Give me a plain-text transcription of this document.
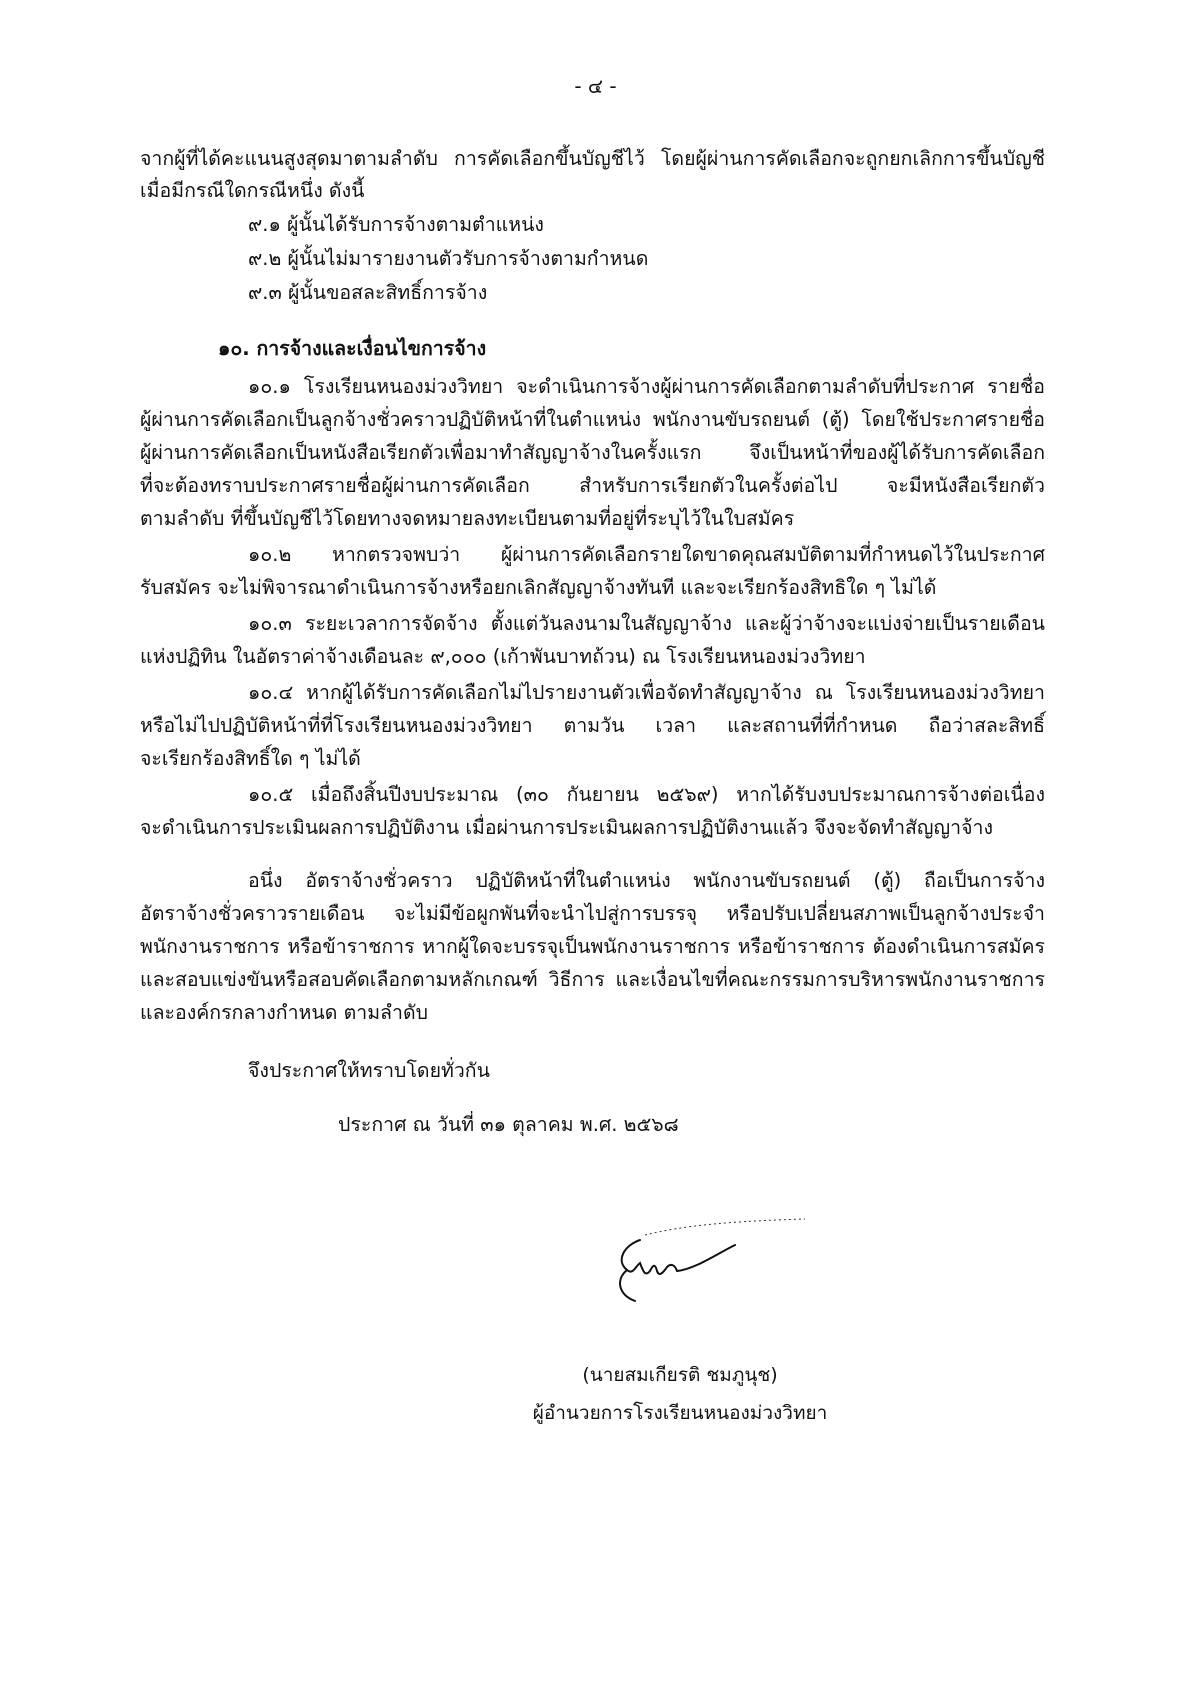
- ๔ -
จากผู้ที่ได้คะแนนสูงสุดมาตามลำดับ การคัดเลือกขึ้นบัญชีไว้ โดยผู้ผ่านการคัดเลือกจะถูกยกเลิกการขึ้นบัญชี
เมื่อมีกรณีใดกรณีหนึ่ง ดังนี้
๙.๑ ผู้นั้นได้รับการจ้างตามตำแหน่ง
๙.๒ ผู้นั้นไม่มารายงานตัวรับการจ้างตามกำหนด
๙.๓ ผู้นั้นขอสละสิทธิ์การจ้าง
๑๐. การจ้างและเงื่อนไขการจ้าง
๑๐.๑ โรงเรียนหนองม่วงวิทยา จะดำเนินการจ้างผู้ผ่านการคัดเลือกตามลำดับที่ประกาศ รายชื่อ
ผู้ผ่านการคัดเลือกเป็นลูกจ้างชั่วคราวปฏิบัติหน้าที่ในตำแหน่ง พนักงานขับรถยนต์ (ตู้) โดยใช้ประกาศรายชื่อ
ผู้ผ่านการคัดเลือกเป็นหนังสือเรียกตัวเพื่อมาทำสัญญาจ้างในครั้งแรก จึงเป็นหน้าที่ของผู้ได้รับการคัดเลือก
ที่จะต้องทราบประกาศรายชื่อผู้ผ่านการคัดเลือก สำหรับการเรียกตัวในครั้งต่อไป จะมีหนังสือเรียกตัว
ตามลำดับ ที่ขึ้นบัญชีไว้โดยทางจดหมายลงทะเบียนตามที่อยู่ที่ระบุไว้ในใบสมัคร
๑๐.๒ หากตรวจพบว่า ผู้ผ่านการคัดเลือกรายใดขาดคุณสมบัติตามที่กำหนดไว้ในประกาศ
รับสมัคร จะไม่พิจารณาดำเนินการจ้างหรือยกเลิกสัญญาจ้างทันที และจะเรียกร้องสิทธิใด ๆ ไม่ได้
๑๐.๓ ระยะเวลาการจัดจ้าง ตั้งแต่วันลงนามในสัญญาจ้าง และผู้ว่าจ้างจะแบ่งจ่ายเป็นรายเดือน
แห่งปฏิทิน ในอัตราค่าจ้างเดือนละ ๙,๐๐๐ (เก้าพันบาทถ้วน) ณ โรงเรียนหนองม่วงวิทยา
๑๐.๔ หากผู้ได้รับการคัดเลือกไม่ไปรายงานตัวเพื่อจัดทำสัญญาจ้าง ณ โรงเรียนหนองม่วงวิทยา
หรือไม่ไปปฏิบัติหน้าที่ที่โรงเรียนหนองม่วงวิทยา ตามวัน เวลา และสถานที่ที่กำหนด ถือว่าสละสิทธิ์
จะเรียกร้องสิทธิ์ใด ๆ ไม่ได้
๑๐.๕ เมื่อถึงสิ้นปีงบประมาณ (๓๐ กันยายน ๒๕๖๙) หากได้รับงบประมาณการจ้างต่อเนื่อง
จะดำเนินการประเมินผลการปฏิบัติงาน เมื่อผ่านการประเมินผลการปฏิบัติงานแล้ว จึงจะจัดทำสัญญาจ้าง
อนึ่ง อัตราจ้างชั่วคราว ปฏิบัติหน้าที่ในตำแหน่ง พนักงานขับรถยนต์ (ตู้) ถือเป็นการจ้าง
อัตราจ้างชั่วคราวรายเดือน จะไม่มีข้อผูกพันที่จะนำไปสู่การบรรจุ หรือปรับเปลี่ยนสภาพเป็นลูกจ้างประจำ
พนักงานราชการ หรือข้าราชการ หากผู้ใดจะบรรจุเป็นพนักงานราชการ หรือข้าราชการ ต้องดำเนินการสมัคร
และสอบแข่งขันหรือสอบคัดเลือกตามหลักเกณฑ์ วิธีการ และเงื่อนไขที่คณะกรรมการบริหารพนักงานราชการ
และองค์กรกลางกำหนด ตามลำดับ
จึงประกาศให้ทราบโดยทั่วกัน
ประกาศ ณ วันที่ ๓๑ ตุลาคม พ.ศ. ๒๕๖๘
(นายสมเกียรติ ชมภูนุช)
ผู้อำนวยการโรงเรียนหนองม่วงวิทยา
